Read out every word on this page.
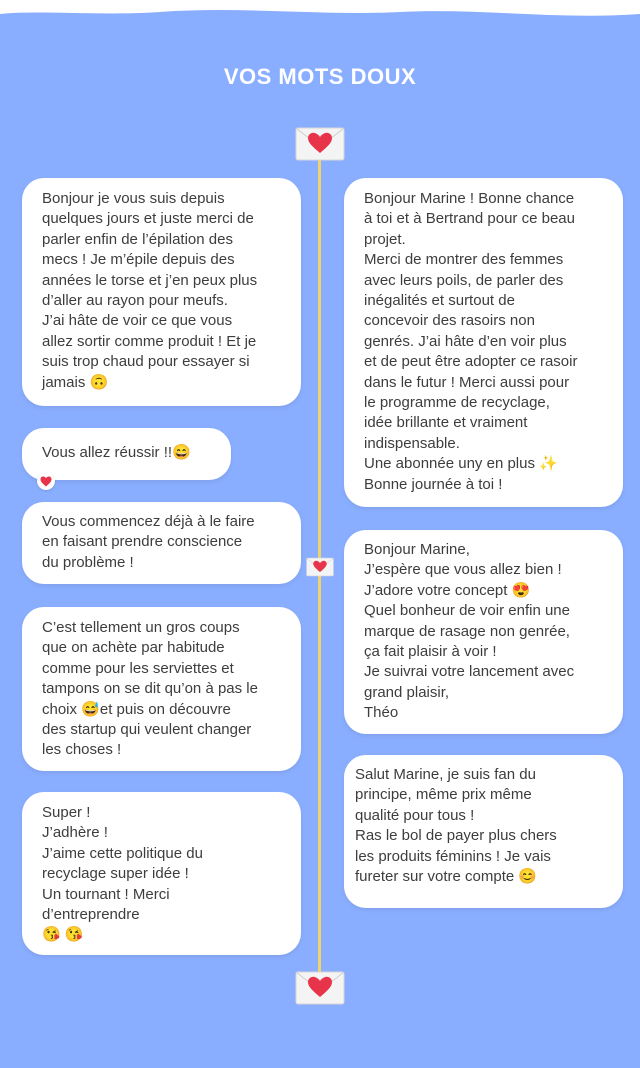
VOS MOTS DOUX
Bonjour je vous suis depuis
quelques jours et juste merci de
parler enfin de l’épilation des
mecs ! Je m’épile depuis des
années le torse et j’en peux plus
d’aller au rayon pour meufs.
J’ai hâte de voir ce que vous
allez sortir comme produit ! Et je
suis trop chaud pour essayer si
jamais 🙃
Vous allez réussir !!😄
Vous commencez déjà à le faire
en faisant prendre conscience
du problème !
C’est tellement un gros coups
que on achète par habitude
comme pour les serviettes et
tampons on se dit qu’on à pas le
choix 😅et puis on découvre
des startup qui veulent changer
les choses !
Super !
J’adhère !
J’aime cette politique du
recyclage super idée !
Un tournant ! Merci
d’entreprendre
😘 😘
Bonjour Marine ! Bonne chance
à toi et à Bertrand pour ce beau
projet.
Merci de montrer des femmes
avec leurs poils, de parler des
inégalités et surtout de
concevoir des rasoirs non
genrés. J’ai hâte d’en voir plus
et de peut être adopter ce rasoir
dans le futur ! Merci aussi pour
le programme de recyclage,
idée brillante et vraiment
indispensable.
Une abonnée uny en plus ✨
Bonne journée à toi !
Bonjour Marine,
J’espère que vous allez bien !
J’adore votre concept 😍
Quel bonheur de voir enfin une
marque de rasage non genrée,
ça fait plaisir à voir !
Je suivrai votre lancement avec
grand plaisir,
Théo
Salut Marine, je suis fan du
principe, même prix même
qualité pour tous !
Ras le bol de payer plus chers
les produits féminins ! Je vais
fureter sur votre compte 😊
